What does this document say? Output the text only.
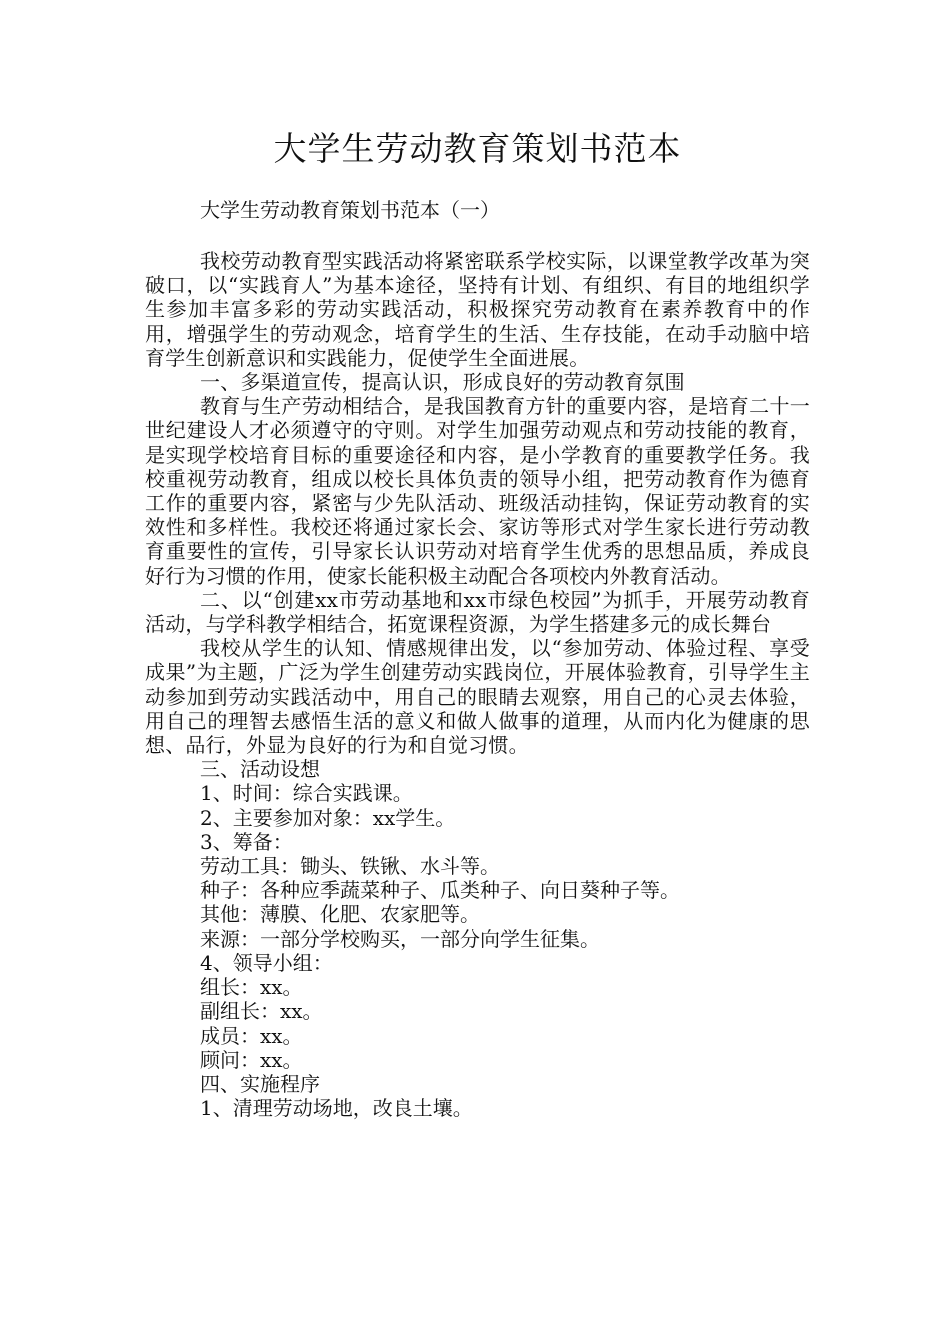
大学生劳动教育策划书范本

大学生劳动教育策划书范本（一）

我校劳动教育型实践活动将紧密联系学校实际，以课堂教学改革为突破口，以“实践育人”为基本途径，坚持有计划、有组织、有目的地组织学生参加丰富多彩的劳动实践活动，积极探究劳动教育在素养教育中的作用，增强学生的劳动观念，培育学生的生活、生存技能，在动手动脑中培育学生创新意识和实践能力，促使学生全面进展。

一、多渠道宣传，提高认识，形成良好的劳动教育氛围

教育与生产劳动相结合，是我国教育方针的重要内容，是培育二十一世纪建设人才必须遵守的守则。对学生加强劳动观点和劳动技能的教育，是实现学校培育目标的重要途径和内容，是小学教育的重要教学任务。我校重视劳动教育，组成以校长具体负责的领导小组，把劳动教育作为德育工作的重要内容，紧密与少先队活动、班级活动挂钩，保证劳动教育的实效性和多样性。我校还将通过家长会、家访等形式对学生家长进行劳动教育重要性的宣传，引导家长认识劳动对培育学生优秀的思想品质，养成良好行为习惯的作用，使家长能积极主动配合各项校内外教育活动。

二、以“创建xx市劳动基地和xx市绿色校园”为抓手，开展劳动教育活动，与学科教学相结合，拓宽课程资源，为学生搭建多元的成长舞台

我校从学生的认知、情感规律出发，以“参加劳动、体验过程、享受成果”为主题，广泛为学生创建劳动实践岗位，开展体验教育，引导学生主动参加到劳动实践活动中，用自己的眼睛去观察，用自己的心灵去体验，用自己的理智去感悟生活的意义和做人做事的道理，从而内化为健康的思想、品行，外显为良好的行为和自觉习惯。

三、活动设想

1、时间：综合实践课。

2、主要参加对象：xx学生。

3、筹备：

劳动工具：锄头、铁锹、水斗等。

种子：各种应季蔬菜种子、瓜类种子、向日葵种子等。

其他：薄膜、化肥、农家肥等。

来源：一部分学校购买，一部分向学生征集。

4、领导小组：

组长：xx。

副组长：xx。

成员：xx。

顾问：xx。

四、实施程序

1、清理劳动场地，改良土壤。
